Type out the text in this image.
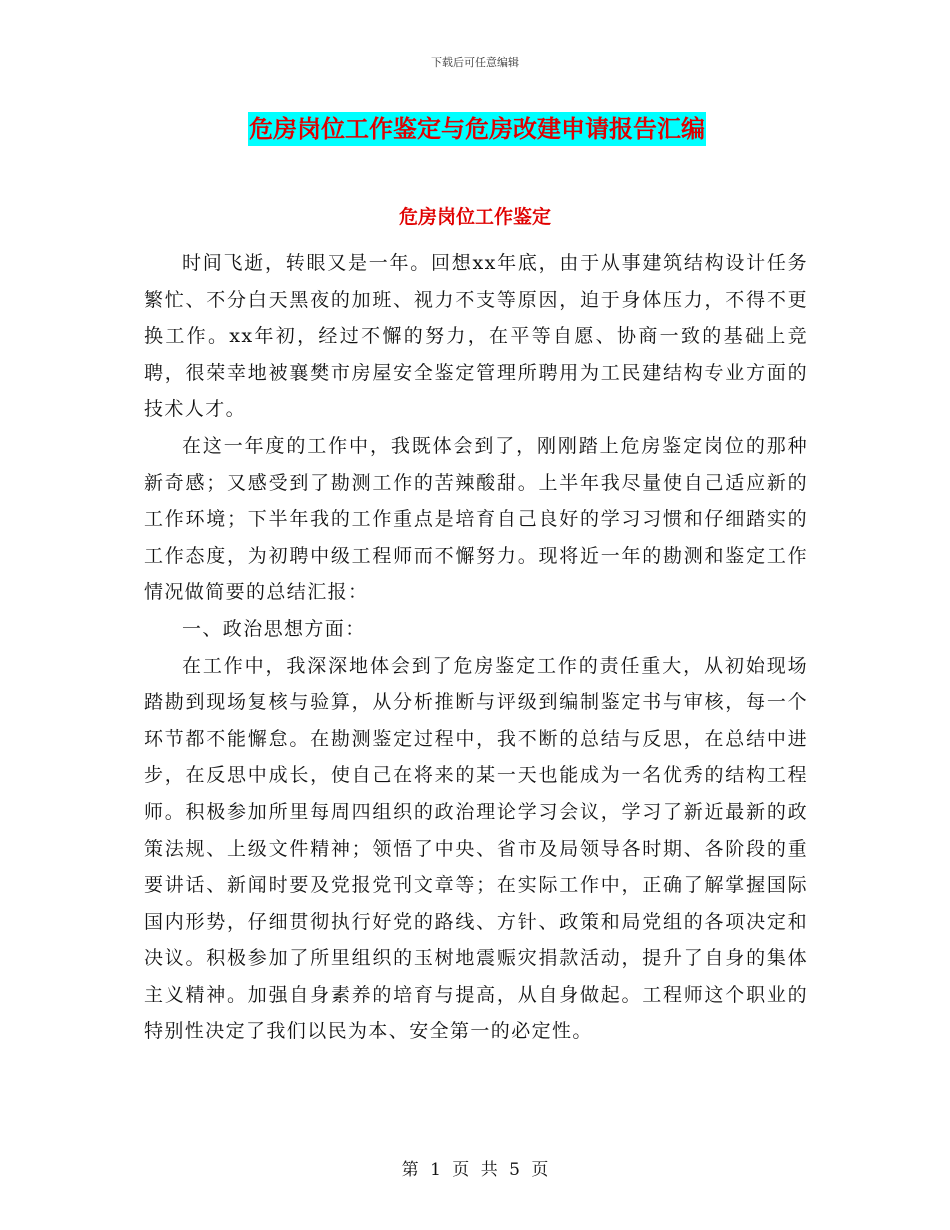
下载后可任意编辑
危房岗位工作鉴定与危房改建申请报告汇编
危房岗位工作鉴定

时间飞逝，转眼又是一年。回想xx年底，由于从事建筑结构设计任务繁忙、不分白天黑夜的加班、视力不支等原因，迫于身体压力，不得不更换工作。xx年初，经过不懈的努力，在平等自愿、协商一致的基础上竞聘，很荣幸地被襄樊市房屋安全鉴定管理所聘用为工民建结构专业方面的技术人才。

在这一年度的工作中，我既体会到了，刚刚踏上危房鉴定岗位的那种新奇感；又感受到了勘测工作的苦辣酸甜。上半年我尽量使自己适应新的工作环境；下半年我的工作重点是培育自己良好的学习习惯和仔细踏实的工作态度，为初聘中级工程师而不懈努力。现将近一年的勘测和鉴定工作情况做简要的总结汇报：

一、政治思想方面：

在工作中，我深深地体会到了危房鉴定工作的责任重大，从初始现场踏勘到现场复核与验算，从分析推断与评级到编制鉴定书与审核，每一个环节都不能懈怠。在勘测鉴定过程中，我不断的总结与反思，在总结中进步，在反思中成长，使自己在将来的某一天也能成为一名优秀的结构工程师。积极参加所里每周四组织的政治理论学习会议，学习了新近最新的政策法规、上级文件精神；领悟了中央、省市及局领导各时期、各阶段的重要讲话、新闻时要及党报党刊文章等；在实际工作中，正确了解掌握国际国内形势，仔细贯彻执行好党的路线、方针、政策和局党组的各项决定和决议。积极参加了所里组织的玉树地震赈灾捐款活动，提升了自身的集体主义精神。加强自身素养的培育与提高，从自身做起。工程师这个职业的特别性决定了我们以民为本、安全第一的必定性。

第 1 页 共 5 页
